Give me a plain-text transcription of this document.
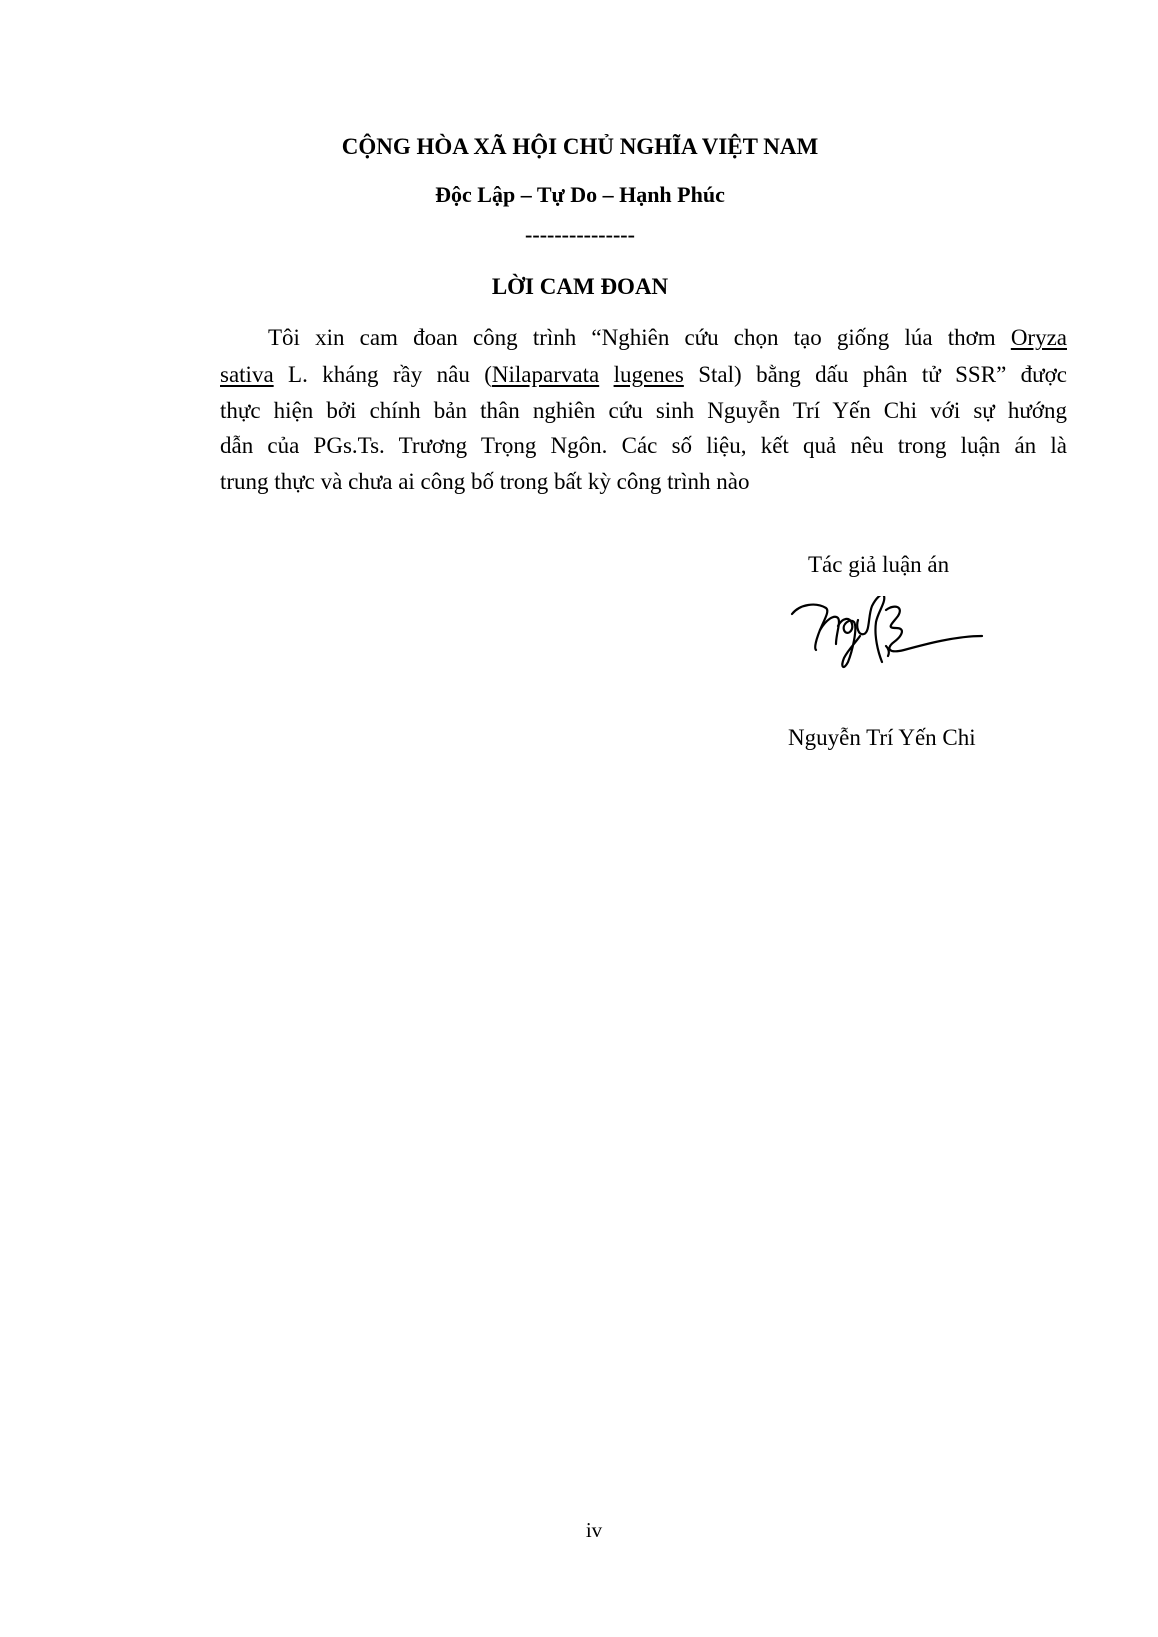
CỘNG HÒA XÃ HỘI CHỦ NGHĨA VIỆT NAM
Độc Lập – Tự Do – Hạnh Phúc
---------------
LỜI CAM ĐOAN
Tôi xin cam đoan công trình “Nghiên cứu chọn tạo giống lúa thơm Oryza
sativa L. kháng rầy nâu (Nilaparvata lugenes Stal) bằng dấu phân tử SSR” được
thực hiện bởi chính bản thân nghiên cứu sinh Nguyễn Trí Yến Chi với sự hướng
dẫn của PGs.Ts. Trương Trọng Ngôn. Các số liệu, kết quả nêu trong luận án là
trung thực và chưa ai công bố trong bất kỳ công trình nào
Tác giả luận án
Nguyễn Trí Yến Chi
iv
